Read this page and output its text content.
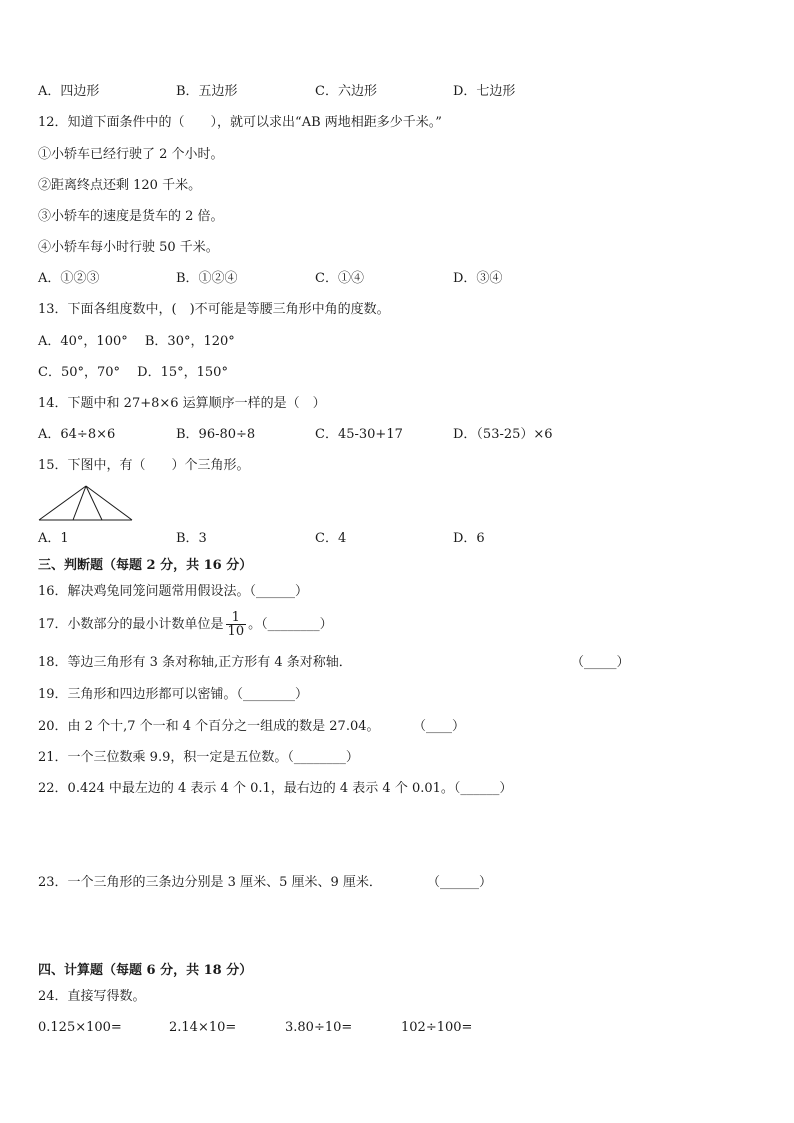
A．四边形	B．五边形	C．六边形	D．七边形
12．知道下面条件中的（　　），就可以求出“AB 两地相距多少千米。”
①小轿车已经行驶了 2 个小时。
②距离终点还剩 120 千米。
③小轿车的速度是货车的 2 倍。
④小轿车每小时行驶 50 千米。
A．①②③	B．①②④	C．①④	D．③④
13．下面各组度数中，(　)不可能是等腰三角形中角的度数。
A．40°，100°　 B．30°，120°
C．50°，70°　 D．15°，150°
14．下题中和 27+8×6 运算顺序一样的是（　）
A．64÷8×6	B．96-80÷8	C．45-30+17	D．（53-25）×6
15．下图中，有（　　）个三角形。
A．1	B．3	C．4	D．6
三、判断题（每题 2 分，共 16 分）
16．解决鸡兔同笼问题常用假设法。（______）
17．小数部分的最小计数单位是 $\frac{1}{10}$ 。（________）
18．等边三角形有 3 条对称轴,正方形有 4 条对称轴．	（_____）
19．三角形和四边形都可以密铺。（________）
20．由 2 个十,7 个一和 4 个百分之一组成的数是 27.04。	（____）
21．一个三位数乘 9.9，积一定是五位数。（________）
22．0.424 中最左边的 4 表示 4 个 0.1，最右边的 4 表示 4 个 0.01。（______）
23．一个三角形的三条边分别是 3 厘米、5 厘米、9 厘米．	（______）
四、计算题（每题 6 分，共 18 分）
24．直接写得数。
0.125×100=	2.14×10=	3.80÷10=	102÷100=
